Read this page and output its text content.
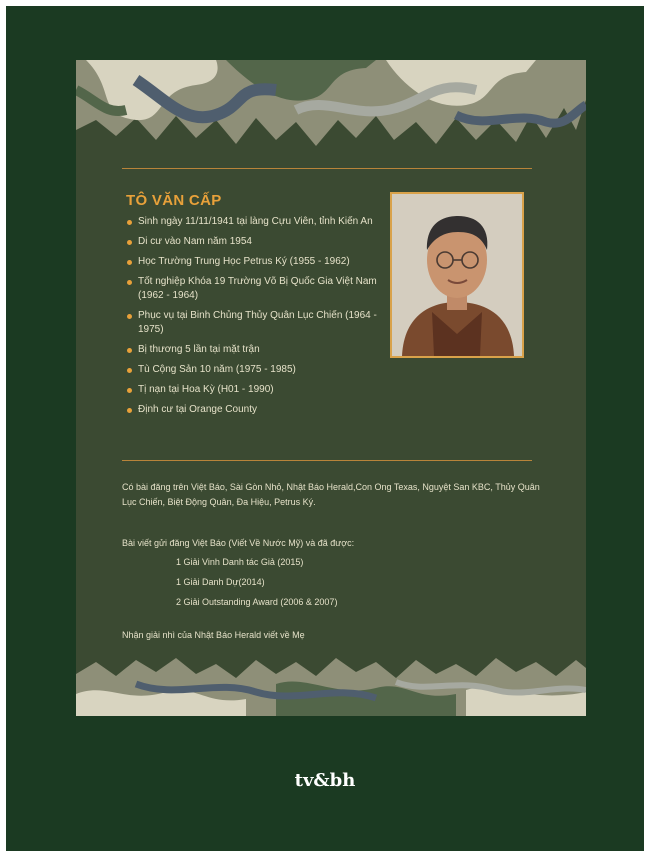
TÔ VĂN CẤP
Sinh ngày 11/11/1941 tại làng Cựu Viên, tỉnh Kiến An
Di cư vào Nam năm 1954
Học Trường Trung Học Petrus Ký (1955 - 1962)
Tốt nghiệp Khóa 19 Trường Võ Bị Quốc Gia Việt Nam (1962 - 1964)
Phục vụ tại Binh Chủng Thủy Quân Lục Chiến (1964 - 1975)
Bị thương 5 lần tại mặt trận
Tù Cộng Sản 10 năm (1975 - 1985)
Tị nạn tại Hoa Kỳ (H01 - 1990)
Định cư tại Orange County

Có bài đăng trên Việt Báo, Sài Gòn Nhỏ, Nhật Báo Herald,Con Ong Texas, Nguyệt San KBC, Thủy Quân Lục Chiến, Biệt Động Quân, Đa Hiệu, Petrus Ký.

Bài viết gửi đăng Việt Báo (Viết Về Nước Mỹ) và đã được:

1 Giải Vinh Danh tác Giả (2015)
1 Giải Danh Dự(2014)
2 Giải Outstanding Award (2006 & 2007)

Nhận giải nhì của Nhật Báo Herald viết về Mẹ

tv&bh
